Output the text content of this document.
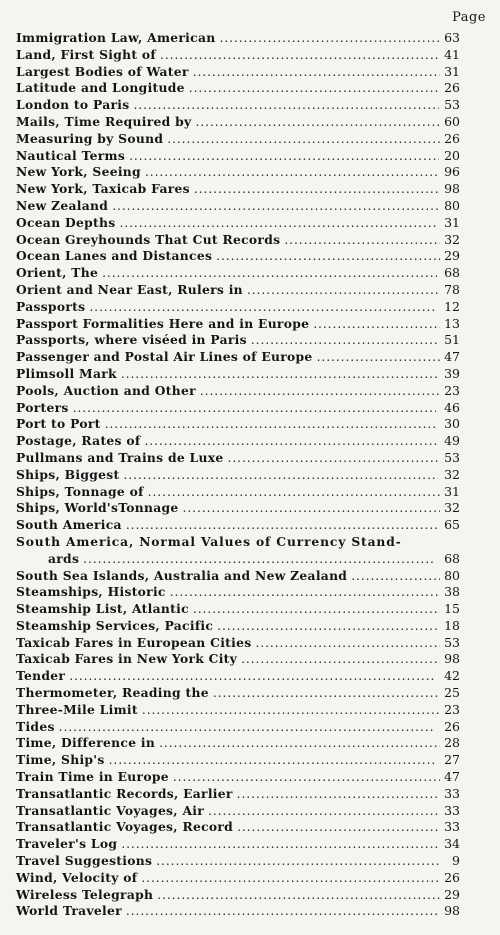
Page
Immigration Law, American . . .	63
Land, First Sight of . . .	41
Largest Bodies of Water . . .	31
Latitude and Longitude . . .	26
London to Paris . . .	53
Mails, Time Required by . . .	60
Measuring by Sound . . .	26
Nautical Terms . . .	20
New York, Seeing . . .	96
New York, Taxicab Fares . . .	98
New Zealand . . .	80
Ocean Depths . . .	31
Ocean Greyhounds That Cut Records . . .	32
Ocean Lanes and Distances . . .	29
Orient, The . . .	68
Orient and Near East, Rulers in . . .	78
Passports . . .	12
Passport Formalities Here and in Europe . . .	13
Passports, where viséed in Paris . . .	51
Passenger and Postal Air Lines of Europe . . .	47
Plimsoll Mark . . .	39
Pools, Auction and Other . . .	23
Porters . . .	46
Port to Port . . .	30
Postage, Rates of . . .	49
Pullmans and Trains de Luxe . . .	53
Ships, Biggest . . .	32
Ships, Tonnage of . . .	31
Ships, World'sTonnage . . .	32
South America . . .	65
South America, Normal Values of Currency Stand-
ards . . .	68
South Sea Islands, Australia and New Zealand . . .	80
Steamships, Historic . . .	38
Steamship List, Atlantic . . .	15
Steamship Services, Pacific . . .	18
Taxicab Fares in European Cities . . .	53
Taxicab Fares in New York City . . .	98
Tender . . .	42
Thermometer, Reading the . . .	25
Three-Mile Limit . . .	23
Tides . . .	26
Time, Difference in . . .	28
Time, Ship's . . .	27
Train Time in Europe . . .	47
Transatlantic Records, Earlier . . .	33
Transatlantic Voyages, Air . . .	33
Transatlantic Voyages, Record . . .	33
Traveler's Log . . .	34
Travel Suggestions . . .	9
Wind, Velocity of . . .	26
Wireless Telegraph . . .	29
World Traveler . . .	98
